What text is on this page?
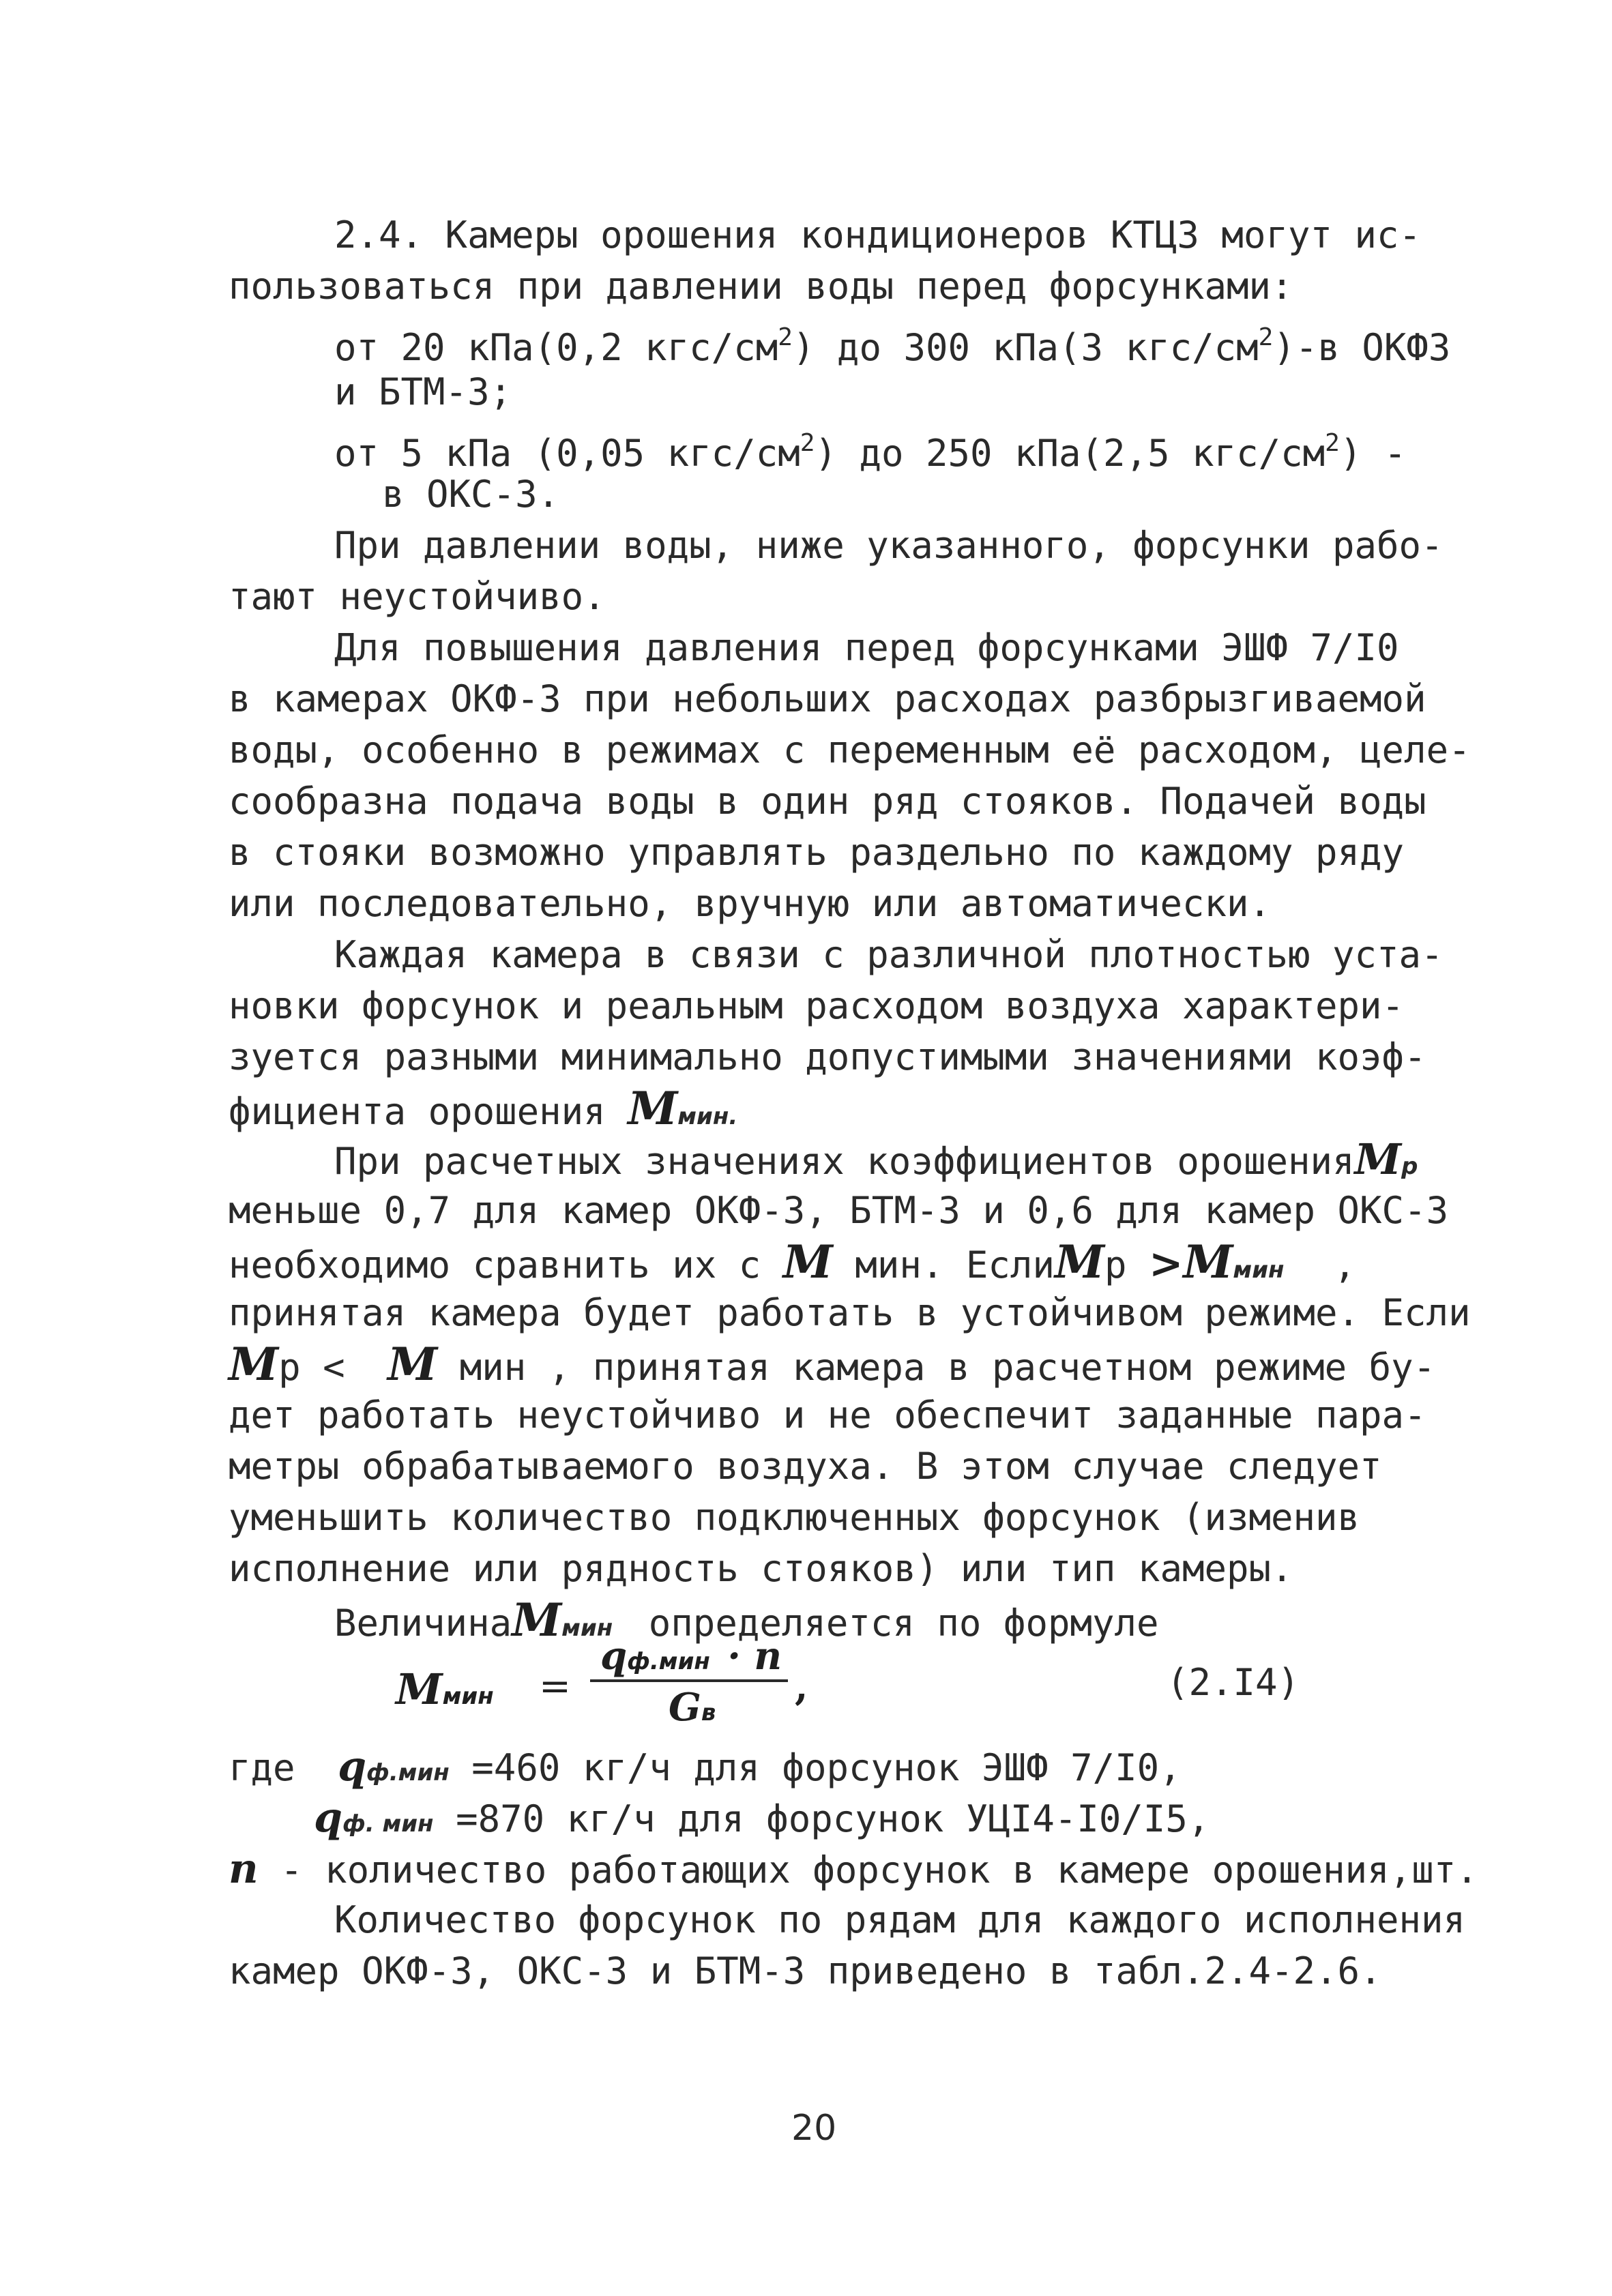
2.4. Камеры орошения кондиционеров КТЦЗ могут ис-
пользоваться при давлении воды перед форсунками:
от 20 кПа(0,2 кгс/$см^2$) до 300 кПа(3 кгс/$см^2)-в$ ОКФ3
и БТМ-3;
от 5 кПа (0,05 кгс/$см^2$) до 250 кПа(2,5 кгс/$см^2$) -
в ОКС-3.
При давлении воды, ниже указанного, форсунки рабо-
тают неустойчиво.
Для повышения давления перед форсунками ЭШФ 7/I0
в камерах ОКФ-3 при небольших расходах разбрызгиваемой
воды, особенно в режимах с переменным её расходом, целе-
сообразна подача воды в один ряд стояков. Подачей воды
в стояки возможно управлять раздельно по каждому ряду
или последовательно, вручную или автоматически.
Каждая камера в связи с различной плотностью уста-
новки форсунок и реальным расходом воздуха характери-
зуется разными минимально допустимыми значениями коэф-
фициента орошения Ммин.
При расчетных значениях коэффициентов орошенияМр
меньше 0,7 для камер ОКФ-3, БТМ-3 и 0,6 для камер ОКС-3
необходимо сравнить их с М мин. ЕслиМр >Ммин ,
принятая камера будет работать в устойчивом режиме. Если
Мр < М мин , принятая камера в расчетном режиме бу-
дет работать неустойчиво и не обеспечит заданные пара-
метры обрабатываемого воздуха. В этом случае следует
уменьшить количество подключенных форсунок (изменив
исполнение или рядность стояков) или тип камеры.
ВеличинаМмин определяется по формуле
Ммин =
qф.мин · n
Gв
,	(2.I4)
где qф.мин =460 кг/ч для форсунок ЭШФ 7/I0,
qф. мин =870 кг/ч для форсунок УЦI4-I0/I5,
n - количество работающих форсунок в камере орошения,шт.
Количество форсунок по рядам для каждого исполнения
камер ОКФ-3, ОКС-3 и БТМ-3 приведено в табл.2.4-2.6.
20
